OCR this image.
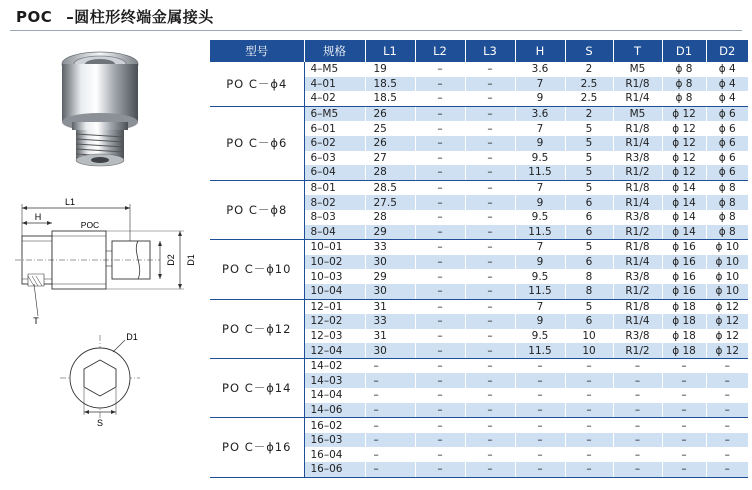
POC –圆柱形终端金属接头
L1
H
POC
D2 D1
T
D1
S
型号	规格	L1	L2	L3	H	S	T	D1	D2
PO C－ϕ4	4–M5	19	–	–	3.6	2	M5	ϕ 8	ϕ 4
	4–01	18.5	–	–	7	2.5	R1/8	ϕ 8	ϕ 4
	4–02	18.5	–	–	9	2.5	R1/4	ϕ 8	ϕ 4
PO C－ϕ6	6–M5	26	–	–	3.6	2	M5	ϕ 12	ϕ 6
	6–01	25	–	–	7	5	R1/8	ϕ 12	ϕ 6
	6–02	26	–	–	9	5	R1/4	ϕ 12	ϕ 6
	6–03	27	–	–	9.5	5	R3/8	ϕ 12	ϕ 6
	6–04	28	–	–	11.5	5	R1/2	ϕ 12	ϕ 6
PO C－ϕ8	8–01	28.5	–	–	7	5	R1/8	ϕ 14	ϕ 8
	8–02	27.5	–	–	9	6	R1/4	ϕ 14	ϕ 8
	8–03	28	–	–	9.5	6	R3/8	ϕ 14	ϕ 8
	8–04	29	–	–	11.5	6	R1/2	ϕ 14	ϕ 8
PO C－ϕ10	10–01	33	–	–	7	5	R1/8	ϕ 16	ϕ 10
	10–02	30	–	–	9	6	R1/4	ϕ 16	ϕ 10
	10–03	29	–	–	9.5	8	R3/8	ϕ 16	ϕ 10
	10–04	30	–	–	11.5	8	R1/2	ϕ 16	ϕ 10
PO C－ϕ12	12–01	31	–	–	7	5	R1/8	ϕ 18	ϕ 12
	12–02	33	–	–	9	6	R1/4	ϕ 18	ϕ 12
	12–03	31	–	–	9.5	10	R3/8	ϕ 18	ϕ 12
	12–04	30	–	–	11.5	10	R1/2	ϕ 18	ϕ 12
PO C－ϕ14	14–02	–	–	–	–	–	–	–	–
	14–03	–	–	–	–	–	–	–	–
	14–04	–	–	–	–	–	–	–	–
	14–06	–	–	–	–	–	–	–	–
PO C－ϕ16	16–02	–	–	–	–	–	–	–	–
	16–03	–	–	–	–	–	–	–	–
	16–04	–	–	–	–	–	–	–	–
	16–06	–	–	–	–	–	–	–	–
